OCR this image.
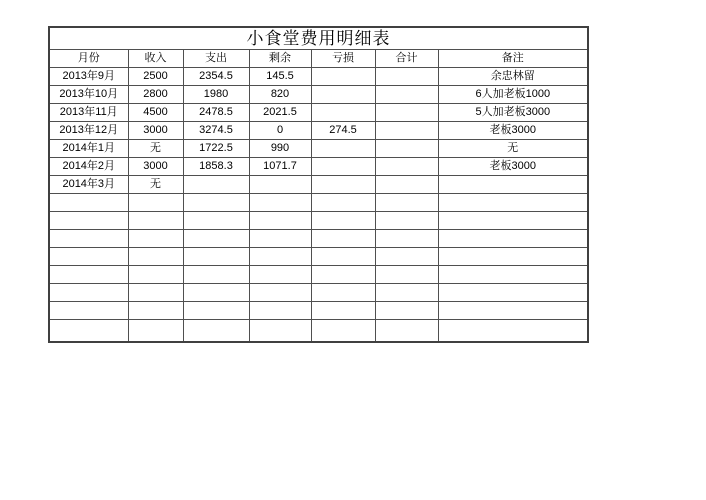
小食堂费用明细表						
月份	收入	支出	剩余	亏损	合计	备注
2013年9月	2500	2354.5	145.5			余忠林留
2013年10月	2800	1980	820			6人加老板1000
2013年11月	4500	2478.5	2021.5			5人加老板3000
2013年12月	3000	3274.5	0	274.5		老板3000
2014年1月	无	1722.5	990			无
2014年2月	3000	1858.3	1071.7			老板3000
2014年3月	无					
